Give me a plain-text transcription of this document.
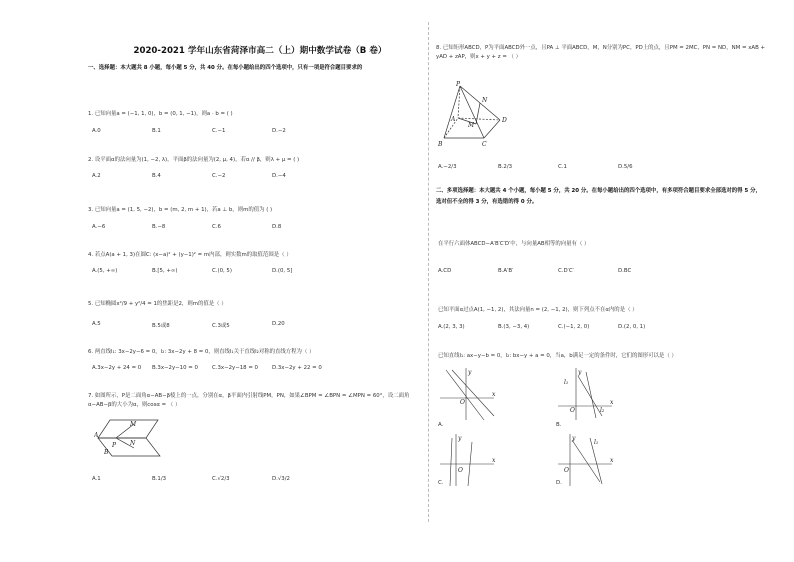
2020-2021 学年山东省菏泽市高二（上）期中数学试卷（B 卷）
一、选择题：本大题共 8 小题，每小题 5 分，共 40 分。在每小题给出的四个选项中，只有一项是符合题目要求的
1. 已知向量a = (−1, 1, 0)，b = (0, 1, −1)，则a · b = ( )
A.0	B.1	C.−1	D.−2
2. 设平面α的法向量为(1, −2, λ)，平面β的法向量为(2, μ, 4)，若α // β，则λ + μ = ( )
A.2	B.4	C.−2	D.−4
3. 已知向量a = (1, 5, −2)，b = (m, 2, m + 1)，若a ⊥ b，则m的值为 ( )
A.−6	B.−8	C.6	D.8
4. 若点A(a + 1, 3)在圆C: (x−a)² + (y−1)² = m内部，则实数m的取值范围是（ ）
A.(5, +∞)	B.[5, +∞)	C.(0, 5)	D.(0, 5]
5. 已知椭圆x²/9 + y²/4 = 1的焦距是2，则m的值是（ ）
A.5	B.5或8	C.3或5	D.20
6. 两直线l₁: 3x−2y−6 = 0，l₂: 3x−2y + 8 = 0，则直线l₁关于直线l₂对称的直线方程为（ ）
A.3x−2y + 24 = 0 B.3x−2y−10 = 0	C.3x−2y−18 = 0	D.3x−2y + 22 = 0
7. 如图所示，P是二面角α−AB−β棱上的一点，分别在α，β平面内引射线PM，PN，如果∠BPM = ∠BPN = ∠MPN = 60°，设二面角α−AB−β的大小为α，则cosα = （ ）
M
A
P N
B
A.1	B.1/3	C.√2/3	D.√3/2
8. 已知矩形ABCD，P为平面ABCD外一点，且PA ⊥ 平面ABCD，M，N分别为PC，PD上的点，且PM = 2MC，PN = ND，NM = xAB + yAD + zAP，则x + y + z = （ ）
P
N
M
A	D
B	C
A.−2/3	B.2/3	C.1	D.5/6
二、多项选择题：本大题共 4 个小题，每小题 5 分，共 20 分。在每小题给出的四个选项中，有多项符合题目要求全部选对的得 5 分，选对但不全的得 3 分，有选错的得 0 分。
在平行六面体ABCD−A′B′C′D′中，与向量AB相等的向量有（ ）
A.CD	B.A′B′	C.D′C′	D.BC
已知平面α过点A(1, −1, 2)，其法向量n = (2, −1, 2)，则下列点不在α内的是（ ）
A.(2, 3, 3)	B.(3, −3, 4)	C.(−1, 2, 0)	D.(2, 0, 1)
已知直线l₁: ax−y−b = 0，l₂: bx−y + a = 0，当a，b满足一定的条件时，它们的图形可以是（ ）
y
x
O
A.
y
x
O
l₁
l₂
B.
y
x
O
C.
y
x
O
l₁
D.
